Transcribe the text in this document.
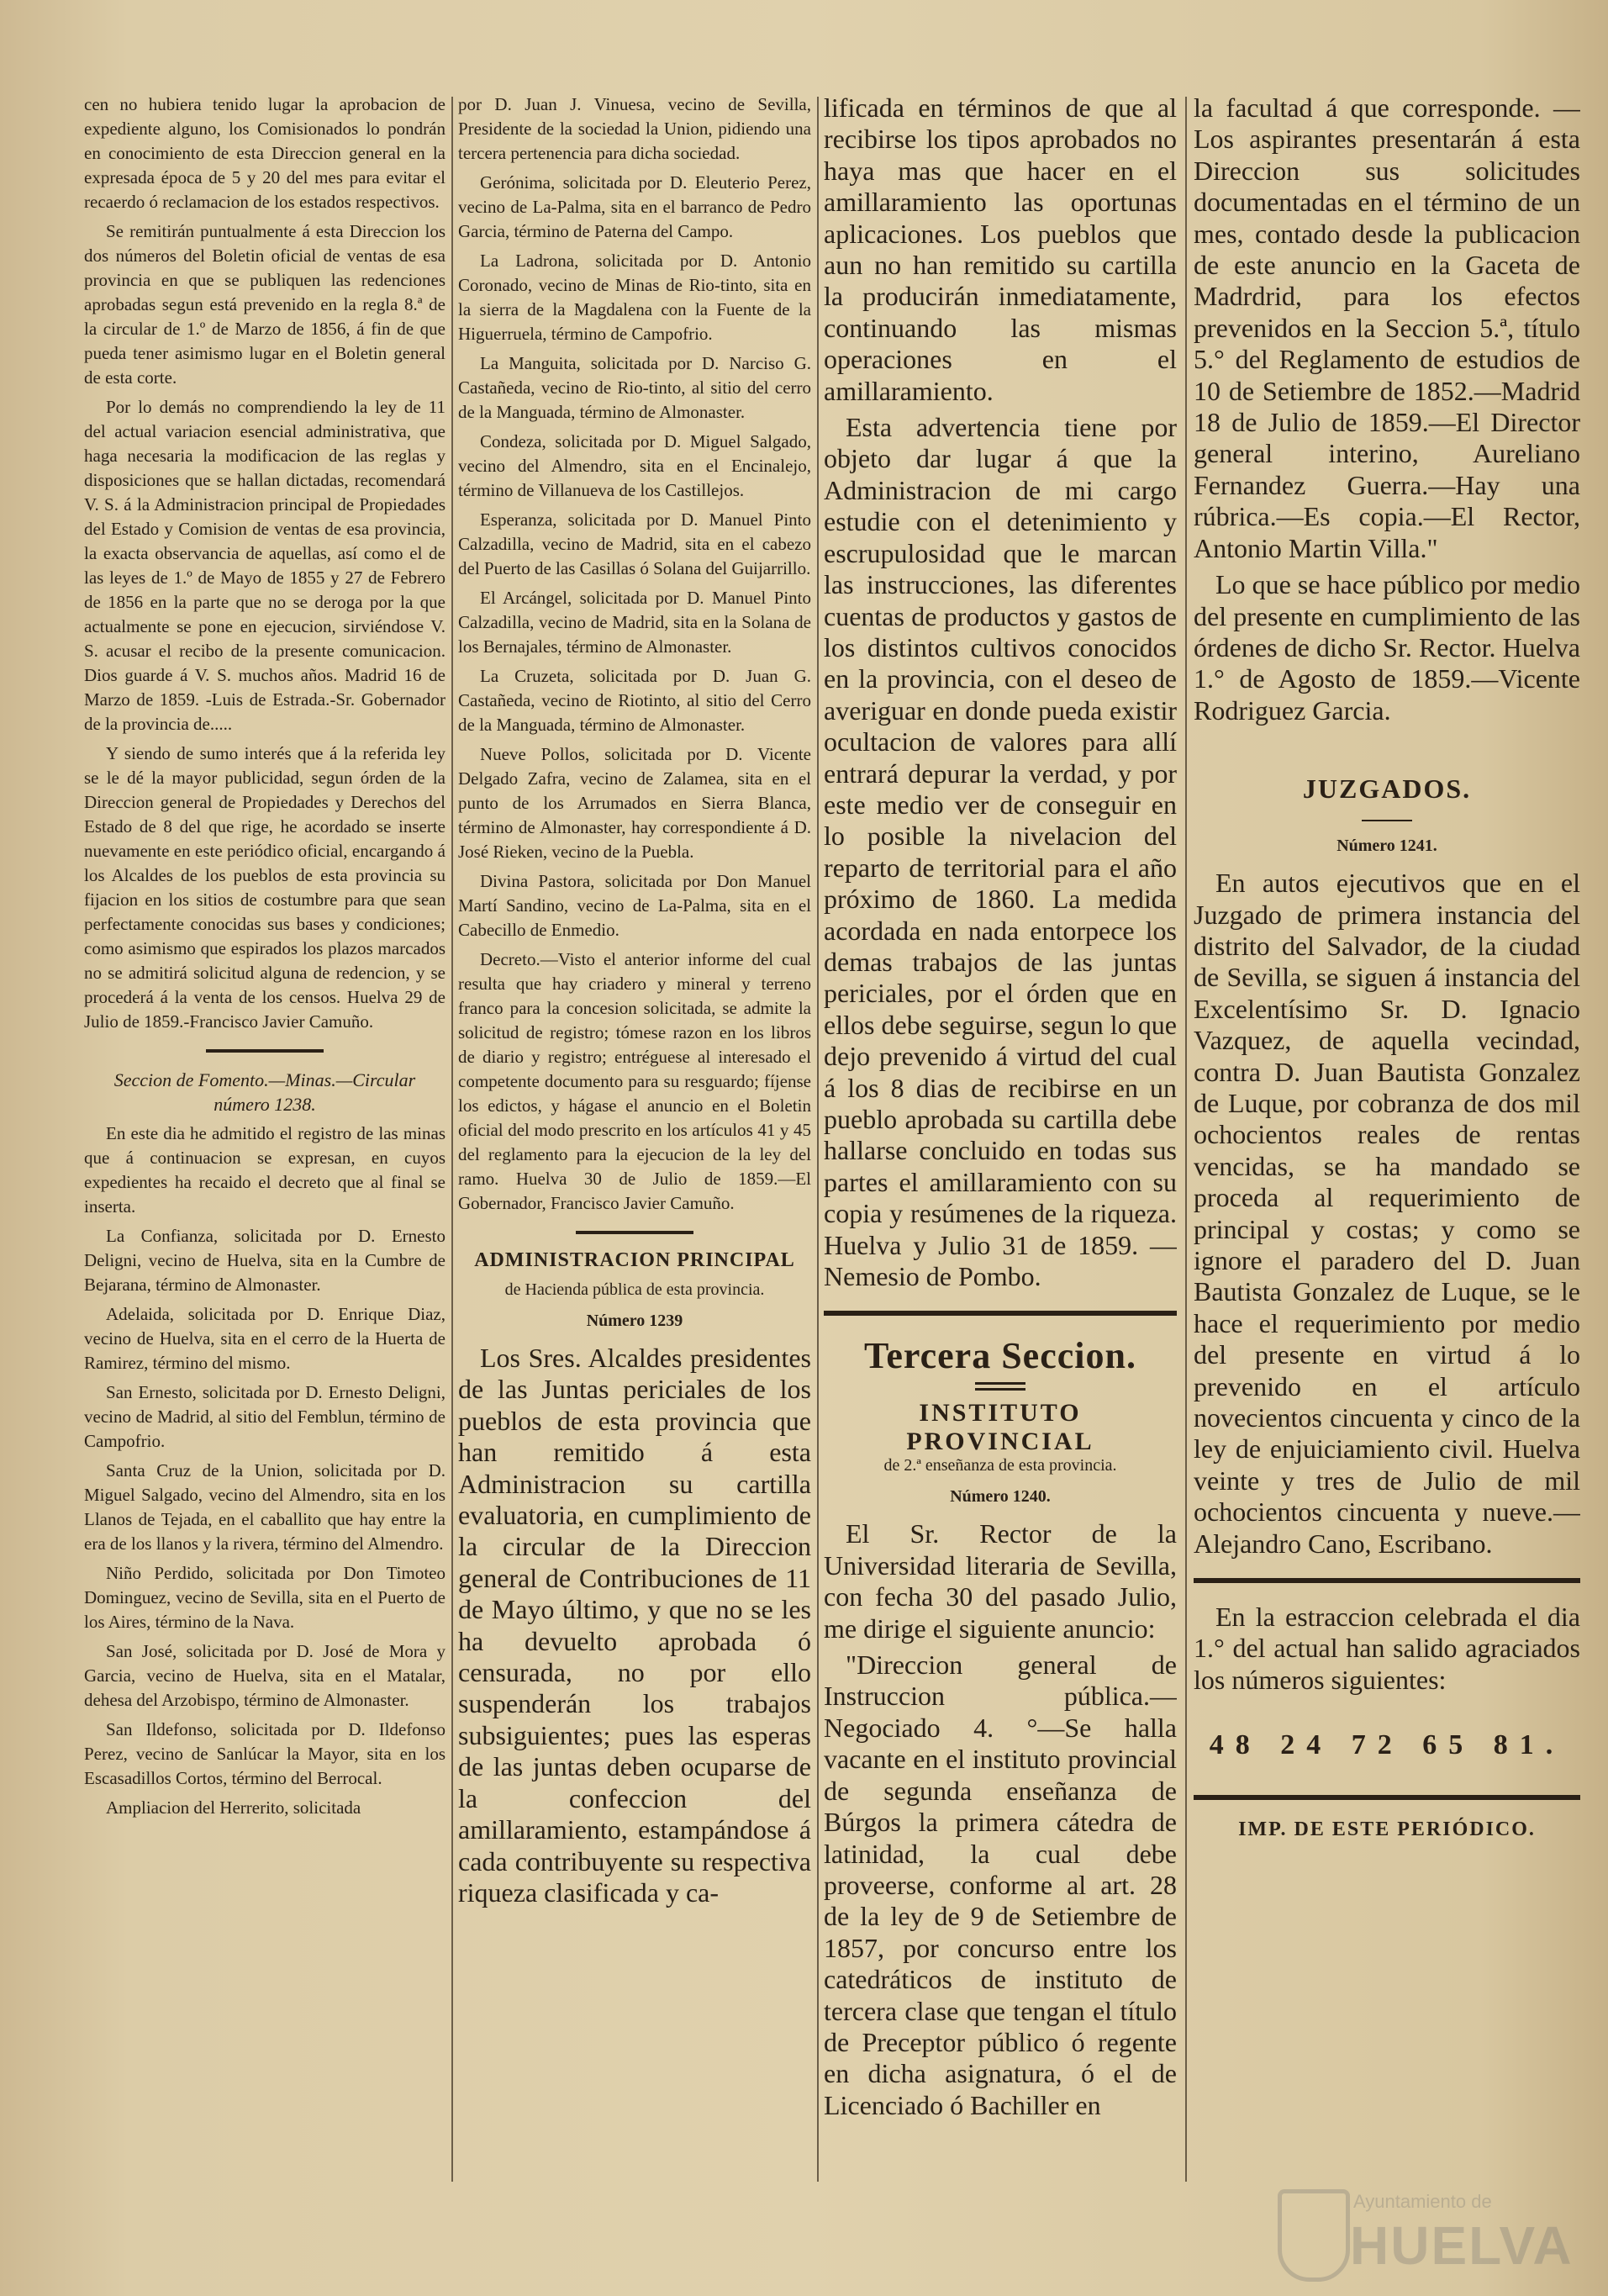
cen no hubiera tenido lugar la aprobacion de expediente alguno, los Comisionados lo pondrán en conocimiento de esta Direccion general en la expresada época de 5 y 20 del mes para evitar el recaerdo ó reclamacion de los estados respectivos.

Se remitirán puntualmente á esta Direccion los dos números del Boletin oficial de ventas de esa provincia en que se publiquen las redenciones aprobadas segun está prevenido en la regla 8.ª de la circular de 1.º de Marzo de 1856, á fin de que pueda tener asimismo lugar en el Boletin general de esta corte.

Por lo demás no comprendiendo la ley de 11 del actual variacion esencial administrativa, que haga necesaria la modificacion de las reglas y disposiciones que se hallan dictadas, recomendará V. S. á la Administracion principal de Propiedades del Estado y Comision de ventas de esa provincia, la exacta observancia de aquellas, así como el de las leyes de 1.º de Mayo de 1855 y 27 de Febrero de 1856 en la parte que no se deroga por la que actualmente se pone en ejecucion, sirviéndose V. S. acusar el recibo de la presente comunicacion. Dios guarde á V. S. muchos años. Madrid 16 de Marzo de 1859. -Luis de Estrada.-Sr. Gobernador de la provincia de.....

Y siendo de sumo interés que á la referida ley se le dé la mayor publicidad, segun órden de la Direccion general de Propiedades y Derechos del Estado de 8 del que rige, he acordado se inserte nuevamente en este periódico oficial, encargando á los Alcaldes de los pueblos de esta provincia su fijacion en los sitios de costumbre para que sean perfectamente conocidas sus bases y condiciones; como asimismo que espirados los plazos marcados no se admitirá solicitud alguna de redencion, y se procederá á la venta de los censos. Huelva 29 de Julio de 1859.-Francisco Javier Camuño.

Seccion de Fomento.—Minas.—Circular número 1238.

En este dia he admitido el registro de las minas que á continuacion se expresan, en cuyos expedientes ha recaido el decreto que al final se inserta.

La Confianza, solicitada por D. Ernesto Deligni, vecino de Huelva, sita en la Cumbre de Bejarana, término de Almonaster.

Adelaida, solicitada por D. Enrique Diaz, vecino de Huelva, sita en el cerro de la Huerta de Ramirez, término del mismo.

San Ernesto, solicitada por D. Ernesto Deligni, vecino de Madrid, al sitio del Femblun, término de Campofrio.

Santa Cruz de la Union, solicitada por D. Miguel Salgado, vecino del Almendro, sita en los Llanos de Tejada, en el caballito que hay entre la era de los llanos y la rivera, término del Almendro.

Niño Perdido, solicitada por Don Timoteo Dominguez, vecino de Sevilla, sita en el Puerto de los Aires, término de la Nava.

San José, solicitada por D. José de Mora y Garcia, vecino de Huelva, sita en el Matalar, dehesa del Arzobispo, término de Almonaster.

San Ildefonso, solicitada por D. Ildefonso Perez, vecino de Sanlúcar la Mayor, sita en los Escasadillos Cortos, término del Berrocal.

Ampliacion del Herrerito, solicitada

por D. Juan J. Vinuesa, vecino de Sevilla, Presidente de la sociedad la Union, pidiendo una tercera pertenencia para dicha sociedad.

Gerónima, solicitada por D. Eleuterio Perez, vecino de La-Palma, sita en el barranco de Pedro Garcia, término de Paterna del Campo.

La Ladrona, solicitada por D. Antonio Coronado, vecino de Minas de Rio-tinto, sita en la sierra de la Magdalena con la Fuente de la Higuerruela, término de Campofrio.

La Manguita, solicitada por D. Narciso G. Castañeda, vecino de Rio-tinto, al sitio del cerro de la Manguada, término de Almonaster.

Condeza, solicitada por D. Miguel Salgado, vecino del Almendro, sita en el Encinalejo, término de Villanueva de los Castillejos.

Esperanza, solicitada por D. Manuel Pinto Calzadilla, vecino de Madrid, sita en el cabezo del Puerto de las Casillas ó Solana del Guijarrillo.

El Arcángel, solicitada por D. Manuel Pinto Calzadilla, vecino de Madrid, sita en la Solana de los Bernajales, término de Almonaster.

La Cruzeta, solicitada por D. Juan G. Castañeda, vecino de Riotinto, al sitio del Cerro de la Manguada, término de Almonaster.

Nueve Pollos, solicitada por D. Vicente Delgado Zafra, vecino de Zalamea, sita en el punto de los Arrumados en Sierra Blanca, término de Almonaster, hay correspondiente á D. José Rieken, vecino de la Puebla.

Divina Pastora, solicitada por Don Manuel Martí Sandino, vecino de La-Palma, sita en el Cabecillo de Enmedio.

Decreto.—Visto el anterior informe del cual resulta que hay criadero y mineral y terreno franco para la concesion solicitada, se admite la solicitud de registro; tómese razon en los libros de diario y registro; entréguese al interesado el competente documento para su resguardo; fíjense los edictos, y hágase el anuncio en el Boletin oficial del modo prescrito en los artículos 41 y 45 del reglamento para la ejecucion de la ley del ramo. Huelva 30 de Julio de 1859.—El Gobernador, Francisco Javier Camuño.

ADMINISTRACION PRINCIPAL

de Hacienda pública de esta provincia.

Número 1239

Los Sres. Alcaldes presidentes de las Juntas periciales de los pueblos de esta provincia que han remitido á esta Administracion su cartilla evaluatoria, en cumplimiento de la circular de la Direccion general de Contribuciones de 11 de Mayo último, y que no se les ha devuelto aprobada ó censurada, no por ello suspenderán los trabajos subsiguientes; pues las esperas de las juntas deben ocuparse de la confeccion del amillaramiento, estampándose á cada contribuyente su respectiva riqueza clasificada y ca-

lificada en términos de que al recibirse los tipos aprobados no haya mas que hacer en el amillaramiento las oportunas aplicaciones. Los pueblos que aun no han remitido su cartilla la producirán inmediatamente, continuando las mismas operaciones en el amillaramiento.

Esta advertencia tiene por objeto dar lugar á que la Administracion de mi cargo estudie con el detenimiento y escrupulosidad que le marcan las instrucciones, las diferentes cuentas de productos y gastos de los distintos cultivos conocidos en la provincia, con el deseo de averiguar en donde pueda existir ocultacion de valores para allí entrará depurar la verdad, y por este medio ver de conseguir en lo posible la nivelacion del reparto de territorial para el año próximo de 1860. La medida acordada en nada entorpece los demas trabajos de las juntas periciales, por el órden que en ellos debe seguirse, segun lo que dejo prevenido á virtud del cual á los 8 dias de recibirse en un pueblo aprobada su cartilla debe hallarse concluido en todas sus partes el amillaramiento con su copia y resúmenes de la riqueza. Huelva y Julio 31 de 1859. —Nemesio de Pombo.

Tercera Seccion.

INSTITUTO PROVINCIAL

de 2.ª enseñanza de esta provincia.

Número 1240.

El Sr. Rector de la Universidad literaria de Sevilla, con fecha 30 del pasado Julio, me dirige el siguiente anuncio:

"Direccion general de Instruccion pública.—Negociado 4. °—Se halla vacante en el instituto provincial de segunda enseñanza de Búrgos la primera cátedra de latinidad, la cual debe proveerse, conforme al art. 28 de la ley de 9 de Setiembre de 1857, por concurso entre los catedráticos de instituto de tercera clase que tengan el título de Preceptor público ó regente en dicha asignatura, ó el de Licenciado ó Bachiller en

la facultad á que corresponde. —Los aspirantes presentarán á esta Direccion sus solicitudes documentadas en el término de un mes, contado desde la publicacion de este anuncio en la Gaceta de Madrdrid, para los efectos prevenidos en la Seccion 5.ª, título 5.° del Reglamento de estudios de 10 de Setiembre de 1852.—Madrid 18 de Julio de 1859.—El Director general interino, Aureliano Fernandez Guerra.—Hay una rúbrica.—Es copia.—El Rector, Antonio Martin Villa."

Lo que se hace público por medio del presente en cumplimiento de las órdenes de dicho Sr. Rector. Huelva 1.° de Agosto de 1859.—Vicente Rodriguez Garcia.

JUZGADOS.

Número 1241.

En autos ejecutivos que en el Juzgado de primera instancia del distrito del Salvador, de la ciudad de Sevilla, se siguen á instancia del Excelentísimo Sr. D. Ignacio Vazquez, de aquella vecindad, contra D. Juan Bautista Gonzalez de Luque, por cobranza de dos mil ochocientos reales de rentas vencidas, se ha mandado se proceda al requerimiento de principal y costas; y como se ignore el paradero del D. Juan Bautista Gonzalez de Luque, se le hace el requerimiento por medio del presente en virtud á lo prevenido en el artículo novecientos cincuenta y cinco de la ley de enjuiciamiento civil. Huelva veinte y tres de Julio de mil ochocientos cincuenta y nueve.—Alejandro Cano, Escribano.

En la estraccion celebrada el dia 1.° del actual han salido agraciados los números siguientes:

48 24 72 65 81.

IMP. DE ESTE PERIÓDICO.

Ayuntamiento de
HUELVA
